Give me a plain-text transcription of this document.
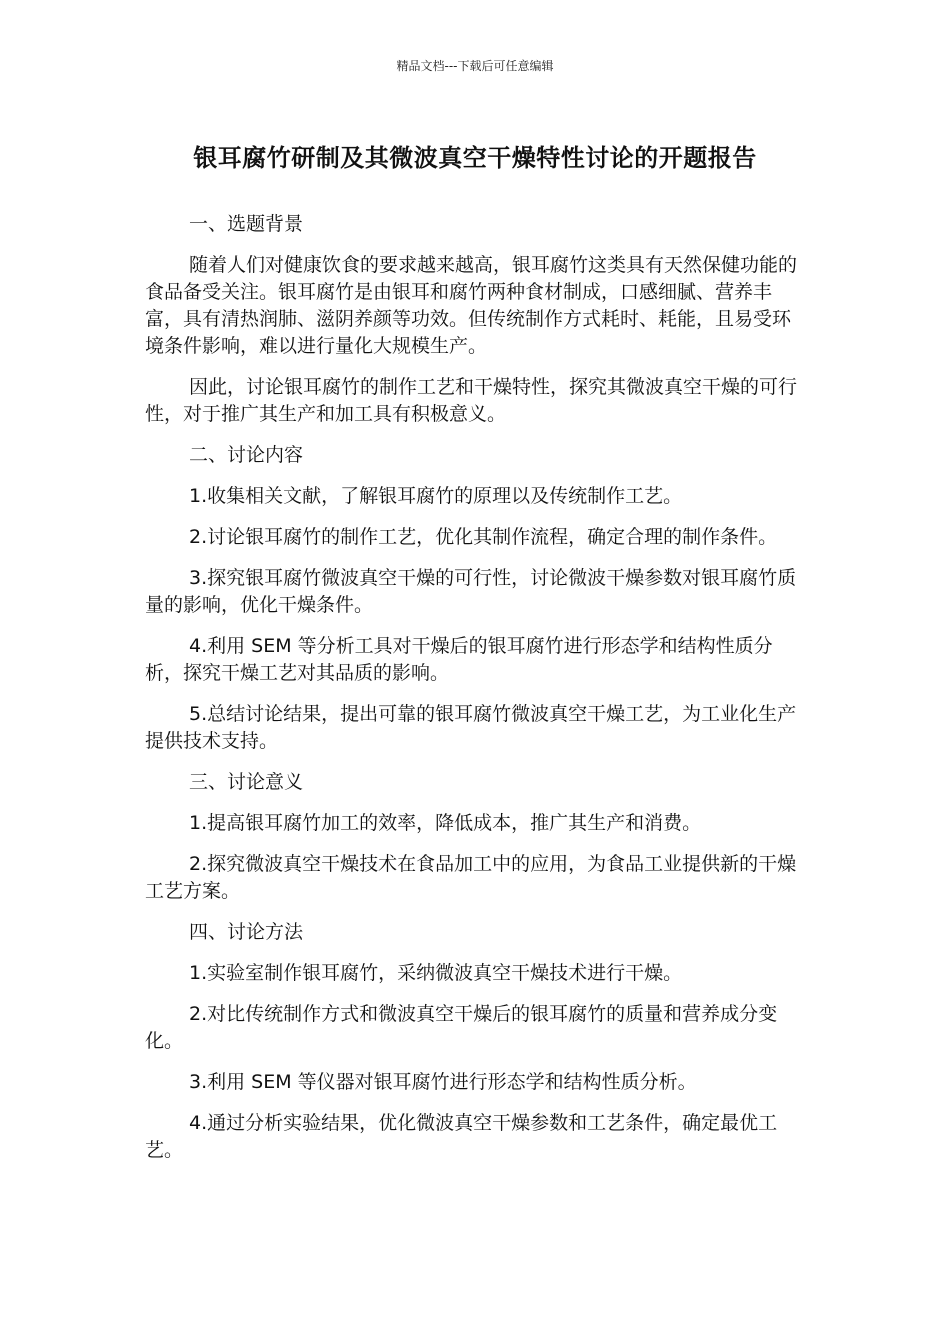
精品文档---下载后可任意编辑
银耳腐竹研制及其微波真空干燥特性讨论的开题报告

一、选题背景

随着人们对健康饮食的要求越来越高，银耳腐竹这类具有天然保健功能的食品备受关注。银耳腐竹是由银耳和腐竹两种食材制成，口感细腻、营养丰富，具有清热润肺、滋阴养颜等功效。但传统制作方式耗时、耗能，且易受环境条件影响，难以进行量化大规模生产。

因此，讨论银耳腐竹的制作工艺和干燥特性，探究其微波真空干燥的可行性，对于推广其生产和加工具有积极意义。

二、讨论内容

1.收集相关文献，了解银耳腐竹的原理以及传统制作工艺。

2.讨论银耳腐竹的制作工艺，优化其制作流程，确定合理的制作条件。

3.探究银耳腐竹微波真空干燥的可行性，讨论微波干燥参数对银耳腐竹质量的影响，优化干燥条件。

4.利用 SEM 等分析工具对干燥后的银耳腐竹进行形态学和结构性质分析，探究干燥工艺对其品质的影响。

5.总结讨论结果，提出可靠的银耳腐竹微波真空干燥工艺，为工业化生产提供技术支持。

三、讨论意义

1.提高银耳腐竹加工的效率，降低成本，推广其生产和消费。

2.探究微波真空干燥技术在食品加工中的应用，为食品工业提供新的干燥工艺方案。

四、讨论方法

1.实验室制作银耳腐竹，采纳微波真空干燥技术进行干燥。

2.对比传统制作方式和微波真空干燥后的银耳腐竹的质量和营养成分变化。

3.利用 SEM 等仪器对银耳腐竹进行形态学和结构性质分析。

4.通过分析实验结果，优化微波真空干燥参数和工艺条件，确定最优工艺。
